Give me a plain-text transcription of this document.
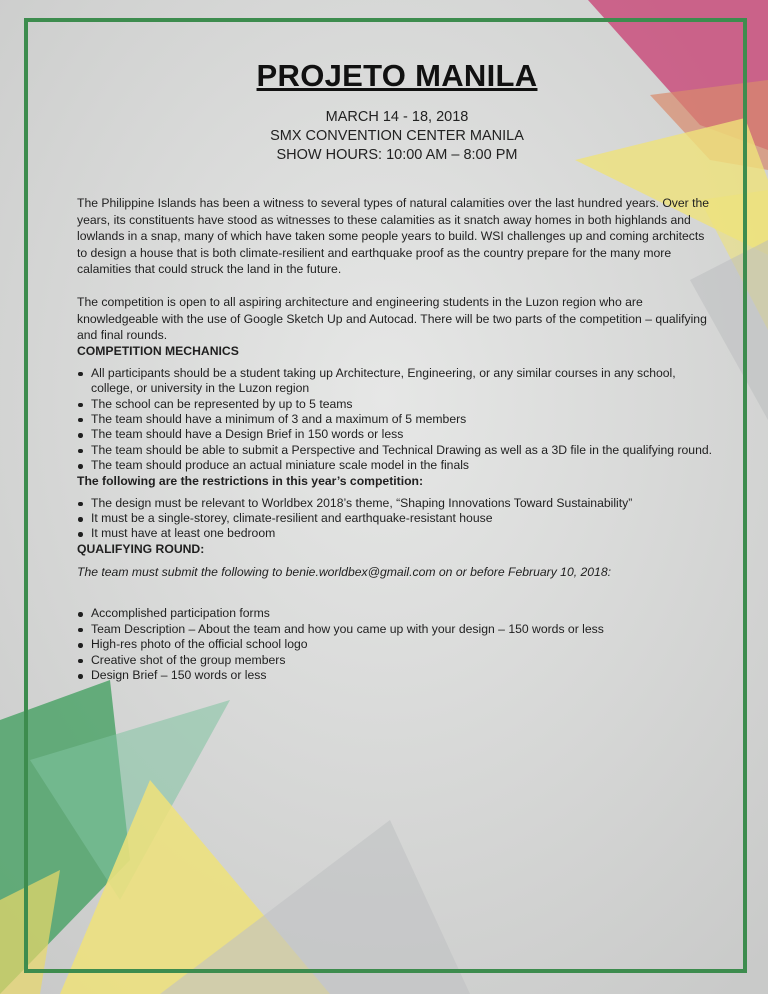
PROJETO MANILA
MARCH 14 - 18, 2018
SMX CONVENTION CENTER MANILA
SHOW HOURS: 10:00 AM – 8:00 PM

The Philippine Islands has been a witness to several types of natural calamities over the last hundred years. Over the years, its constituents have stood as witnesses to these calamities as it snatch away homes in both highlands and lowlands in a snap, many of which have taken some people years to build. WSI challenges up and coming architects to design a house that is both climate-resilient and earthquake proof as the country prepare for the many more calamities that could struck the land in the future.

The competition is open to all aspiring architecture and engineering students in the Luzon region who are knowledgeable with the use of Google Sketch Up and Autocad. There will be two parts of the competition – qualifying and final rounds.

COMPETITION MECHANICS
All participants should be a student taking up Architecture, Engineering, or any similar courses in any school, college, or university in the Luzon region
The school can be represented by up to 5 teams
The team should have a minimum of 3 and a maximum of 5 members
The team should have a Design Brief in 150 words or less
The team should be able to submit a Perspective and Technical Drawing as well as a 3D file in the qualifying round.
The team should produce an actual miniature scale model in the finals
The following are the restrictions in this year’s competition:
The design must be relevant to Worldbex 2018’s theme, “Shaping Innovations Toward Sustainability”
It must be a single-storey, climate-resilient and earthquake-resistant house
It must have at least one bedroom
QUALIFYING ROUND:
The team must submit the following to benie.worldbex@gmail.com on or before February 10, 2018:
Accomplished participation forms
Team Description – About the team and how you came up with your design – 150 words or less
High-res photo of the official school logo
Creative shot of the group members
Design Brief – 150 words or less
